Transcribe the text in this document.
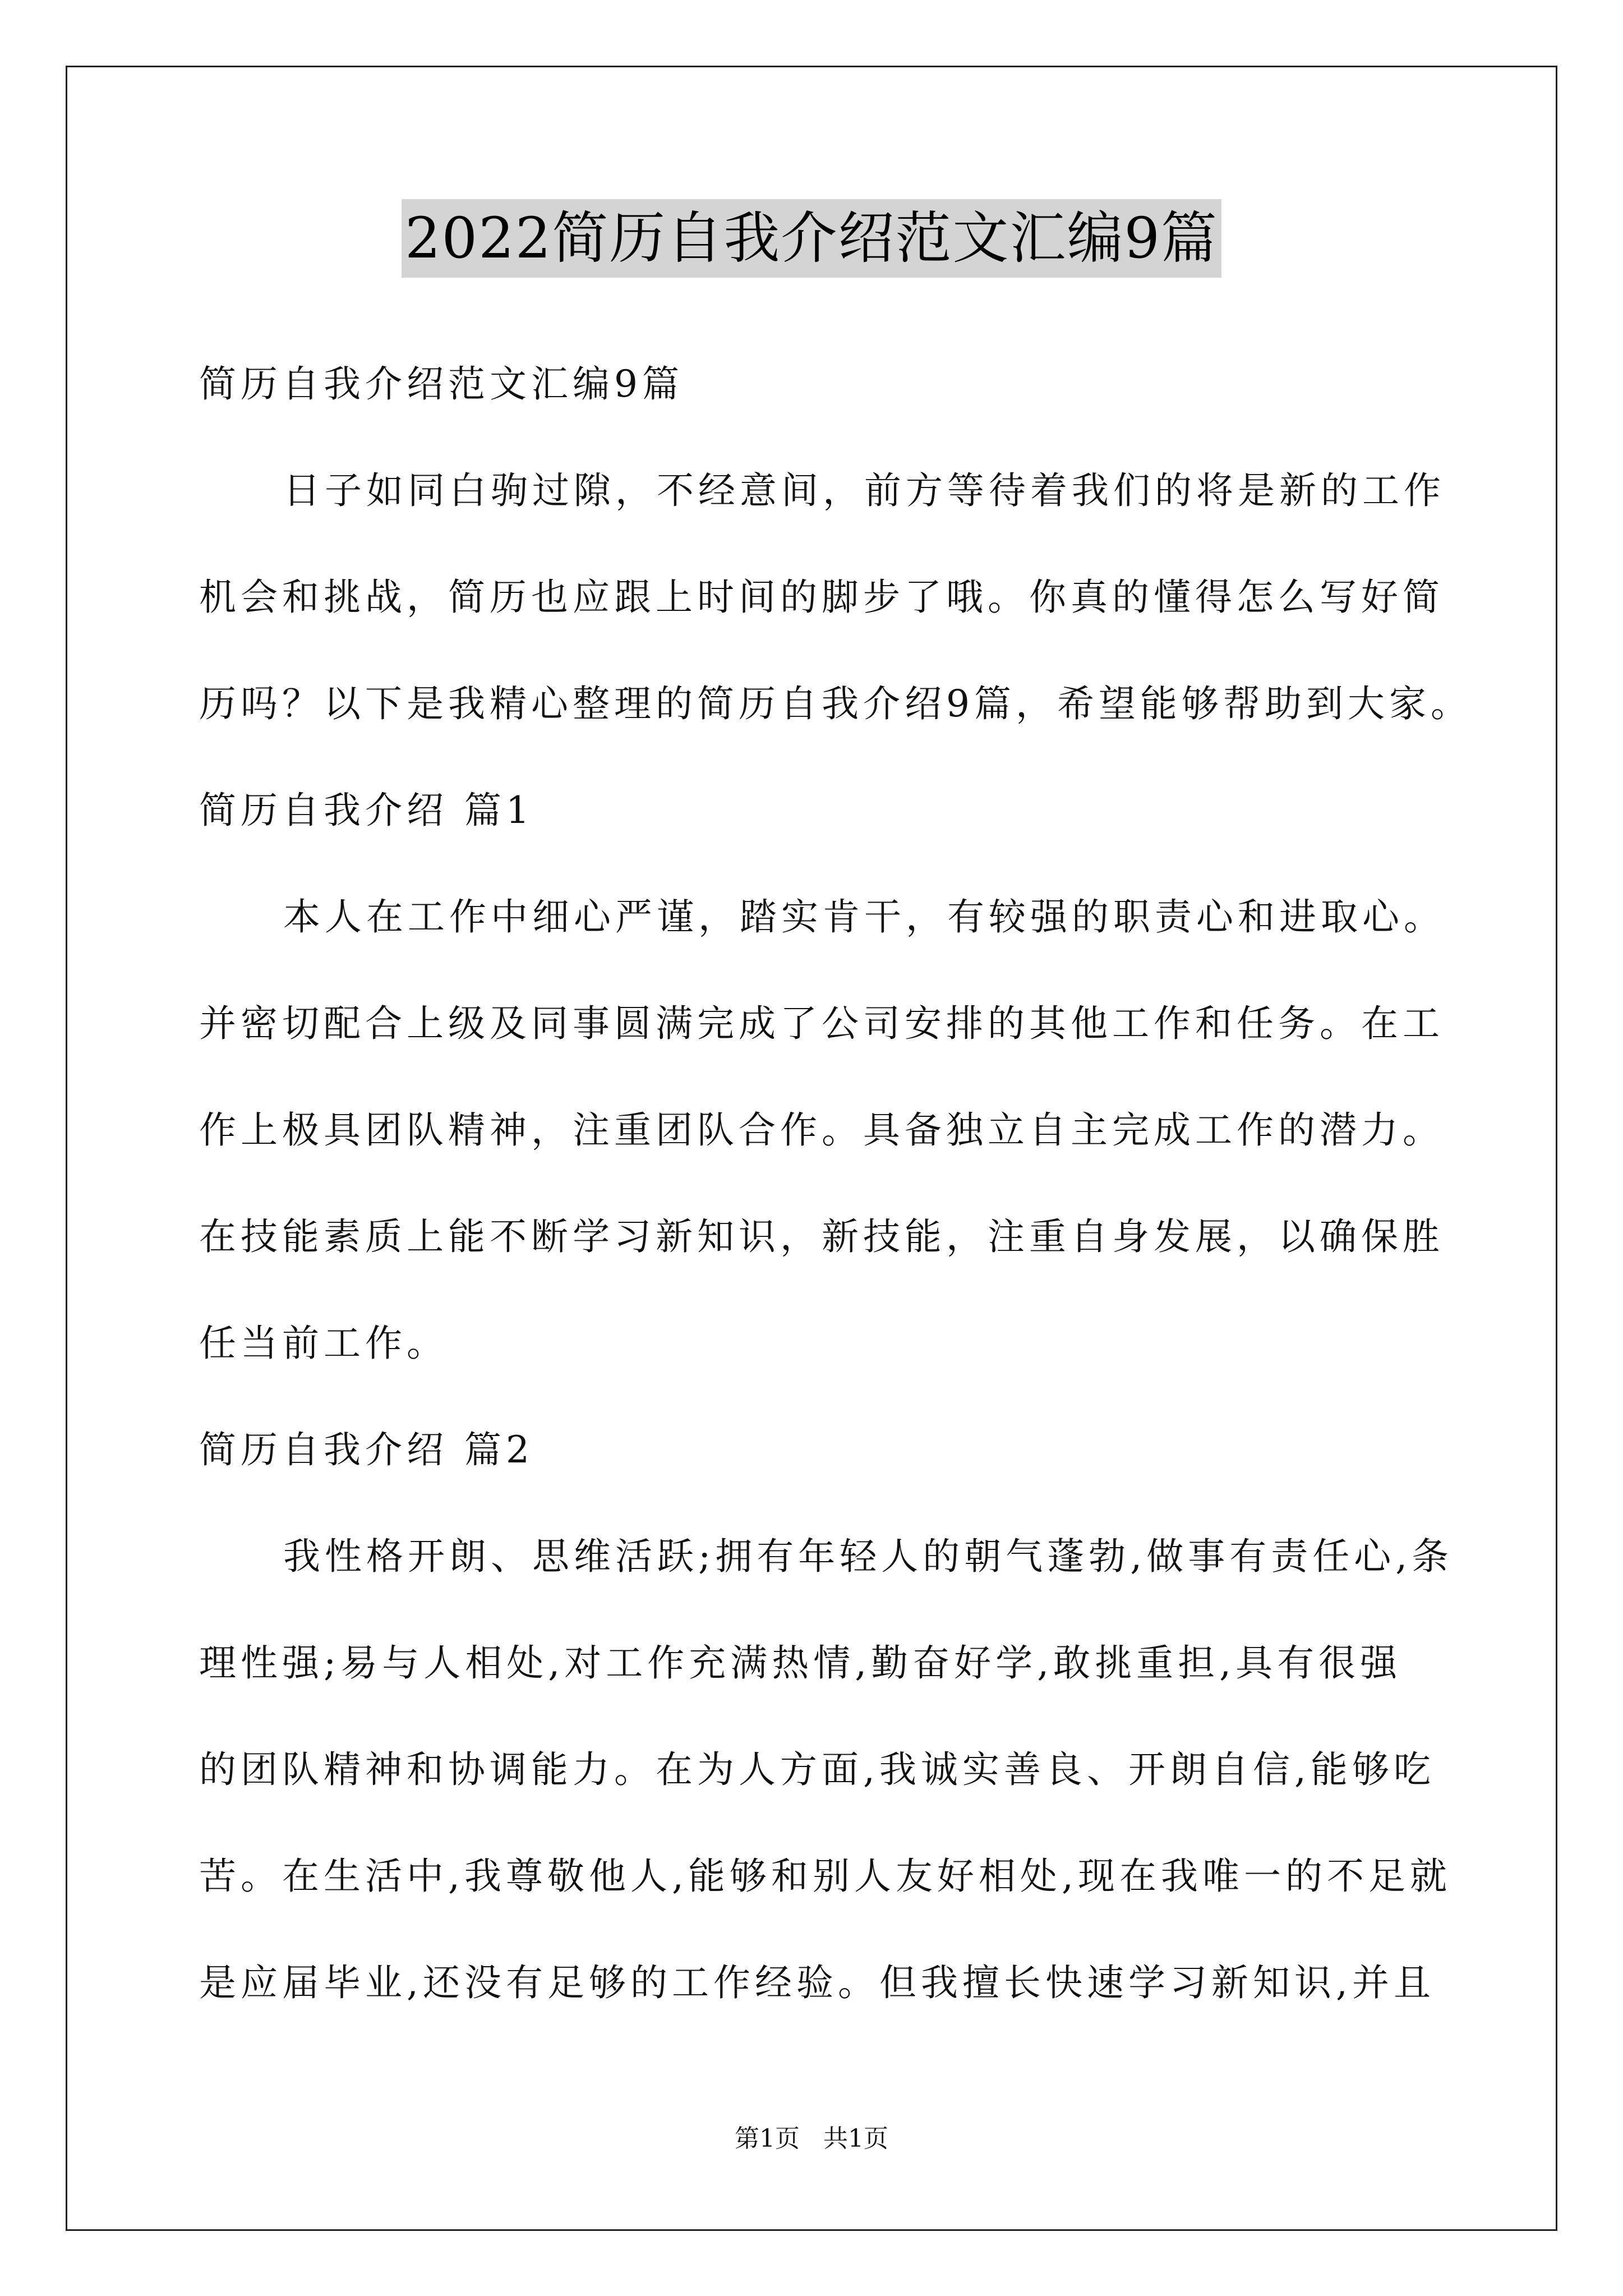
2022简历自我介绍范文汇编9篇
简历自我介绍范文汇编9篇
日子如同白驹过隙，不经意间，前方等待着我们的将是新的工作
机会和挑战，简历也应跟上时间的脚步了哦。你真的懂得怎么写好简
历吗？以下是我精心整理的简历自我介绍9篇，希望能够帮助到大家。
简历自我介绍 篇1
本人在工作中细心严谨，踏实肯干，有较强的职责心和进取心。
并密切配合上级及同事圆满完成了公司安排的其他工作和任务。在工
作上极具团队精神，注重团队合作。具备独立自主完成工作的潜力。
在技能素质上能不断学习新知识，新技能，注重自身发展，以确保胜
任当前工作。
简历自我介绍 篇2
我性格开朗、思维活跃;拥有年轻人的朝气蓬勃,做事有责任心,条
理性强;易与人相处,对工作充满热情,勤奋好学,敢挑重担,具有很强
的团队精神和协调能力。在为人方面,我诚实善良、开朗自信,能够吃
苦。在生活中,我尊敬他人,能够和别人友好相处,现在我唯一的不足就
是应届毕业,还没有足够的工作经验。但我擅长快速学习新知识,并且
第1页   共1页
